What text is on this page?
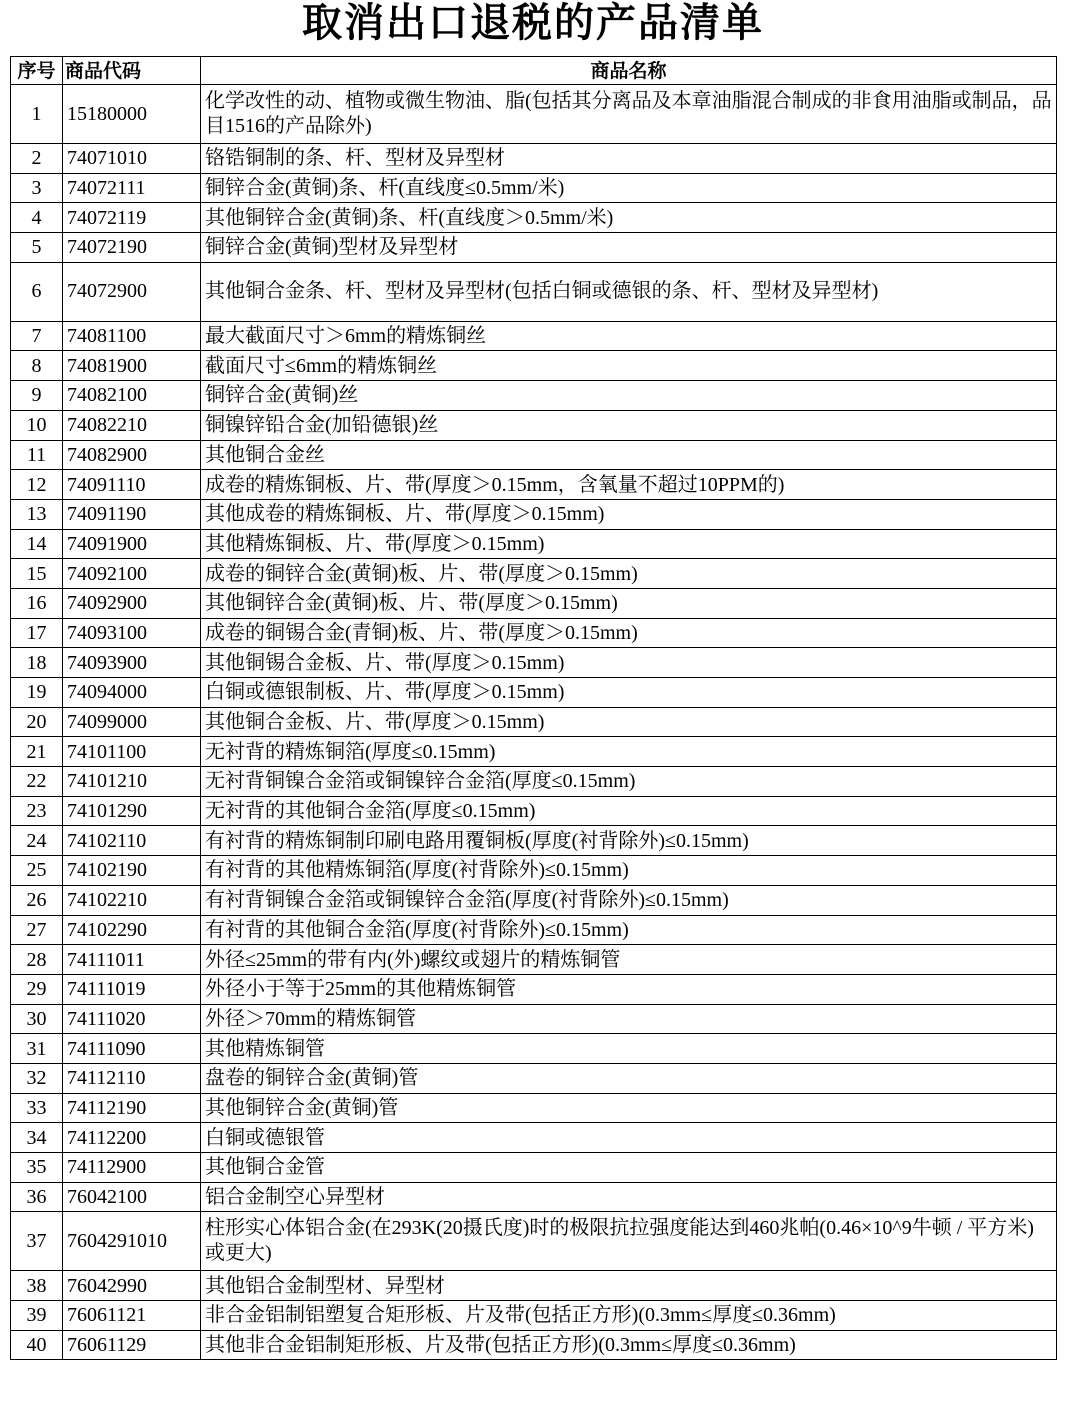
取消出口退税的产品清单
序号	商品代码	商品名称
1	15180000	化学改性的动、植物或微生物油、脂(包括其分离品及本章油脂混合制成的非食用油脂或制品，品目1516的产品除外)
2	74071010	铬锆铜制的条、杆、型材及异型材
3	74072111	铜锌合金(黄铜)条、杆(直线度≤0.5mm/米)
4	74072119	其他铜锌合金(黄铜)条、杆(直线度＞0.5mm/米)
5	74072190	铜锌合金(黄铜)型材及异型材
6	74072900	其他铜合金条、杆、型材及异型材(包括白铜或德银的条、杆、型材及异型材)
7	74081100	最大截面尺寸＞6mm的精炼铜丝
8	74081900	截面尺寸≤6mm的精炼铜丝
9	74082100	铜锌合金(黄铜)丝
10	74082210	铜镍锌铅合金(加铅德银)丝
11	74082900	其他铜合金丝
12	74091110	成卷的精炼铜板、片、带(厚度＞0.15mm，含氧量不超过10PPM的)
13	74091190	其他成卷的精炼铜板、片、带(厚度＞0.15mm)
14	74091900	其他精炼铜板、片、带(厚度＞0.15mm)
15	74092100	成卷的铜锌合金(黄铜)板、片、带(厚度＞0.15mm)
16	74092900	其他铜锌合金(黄铜)板、片、带(厚度＞0.15mm)
17	74093100	成卷的铜锡合金(青铜)板、片、带(厚度＞0.15mm)
18	74093900	其他铜锡合金板、片、带(厚度＞0.15mm)
19	74094000	白铜或德银制板、片、带(厚度＞0.15mm)
20	74099000	其他铜合金板、片、带(厚度＞0.15mm)
21	74101100	无衬背的精炼铜箔(厚度≤0.15mm)
22	74101210	无衬背铜镍合金箔或铜镍锌合金箔(厚度≤0.15mm)
23	74101290	无衬背的其他铜合金箔(厚度≤0.15mm)
24	74102110	有衬背的精炼铜制印刷电路用覆铜板(厚度(衬背除外)≤0.15mm)
25	74102190	有衬背的其他精炼铜箔(厚度(衬背除外)≤0.15mm)
26	74102210	有衬背铜镍合金箔或铜镍锌合金箔(厚度(衬背除外)≤0.15mm)
27	74102290	有衬背的其他铜合金箔(厚度(衬背除外)≤0.15mm)
28	74111011	外径≤25mm的带有内(外)螺纹或翅片的精炼铜管
29	74111019	外径小于等于25mm的其他精炼铜管
30	74111020	外径＞70mm的精炼铜管
31	74111090	其他精炼铜管
32	74112110	盘卷的铜锌合金(黄铜)管
33	74112190	其他铜锌合金(黄铜)管
34	74112200	白铜或德银管
35	74112900	其他铜合金管
36	76042100	铝合金制空心异型材
37	7604291010	柱形实心体铝合金(在293K(20摄氏度)时的极限抗拉强度能达到460兆帕(0.46×10^9牛顿 / 平方米)或更大)
38	76042990	其他铝合金制型材、异型材
39	76061121	非合金铝制铝塑复合矩形板、片及带(包括正方形)(0.3mm≤厚度≤0.36mm)
40	76061129	其他非合金铝制矩形板、片及带(包括正方形)(0.3mm≤厚度≤0.36mm)
